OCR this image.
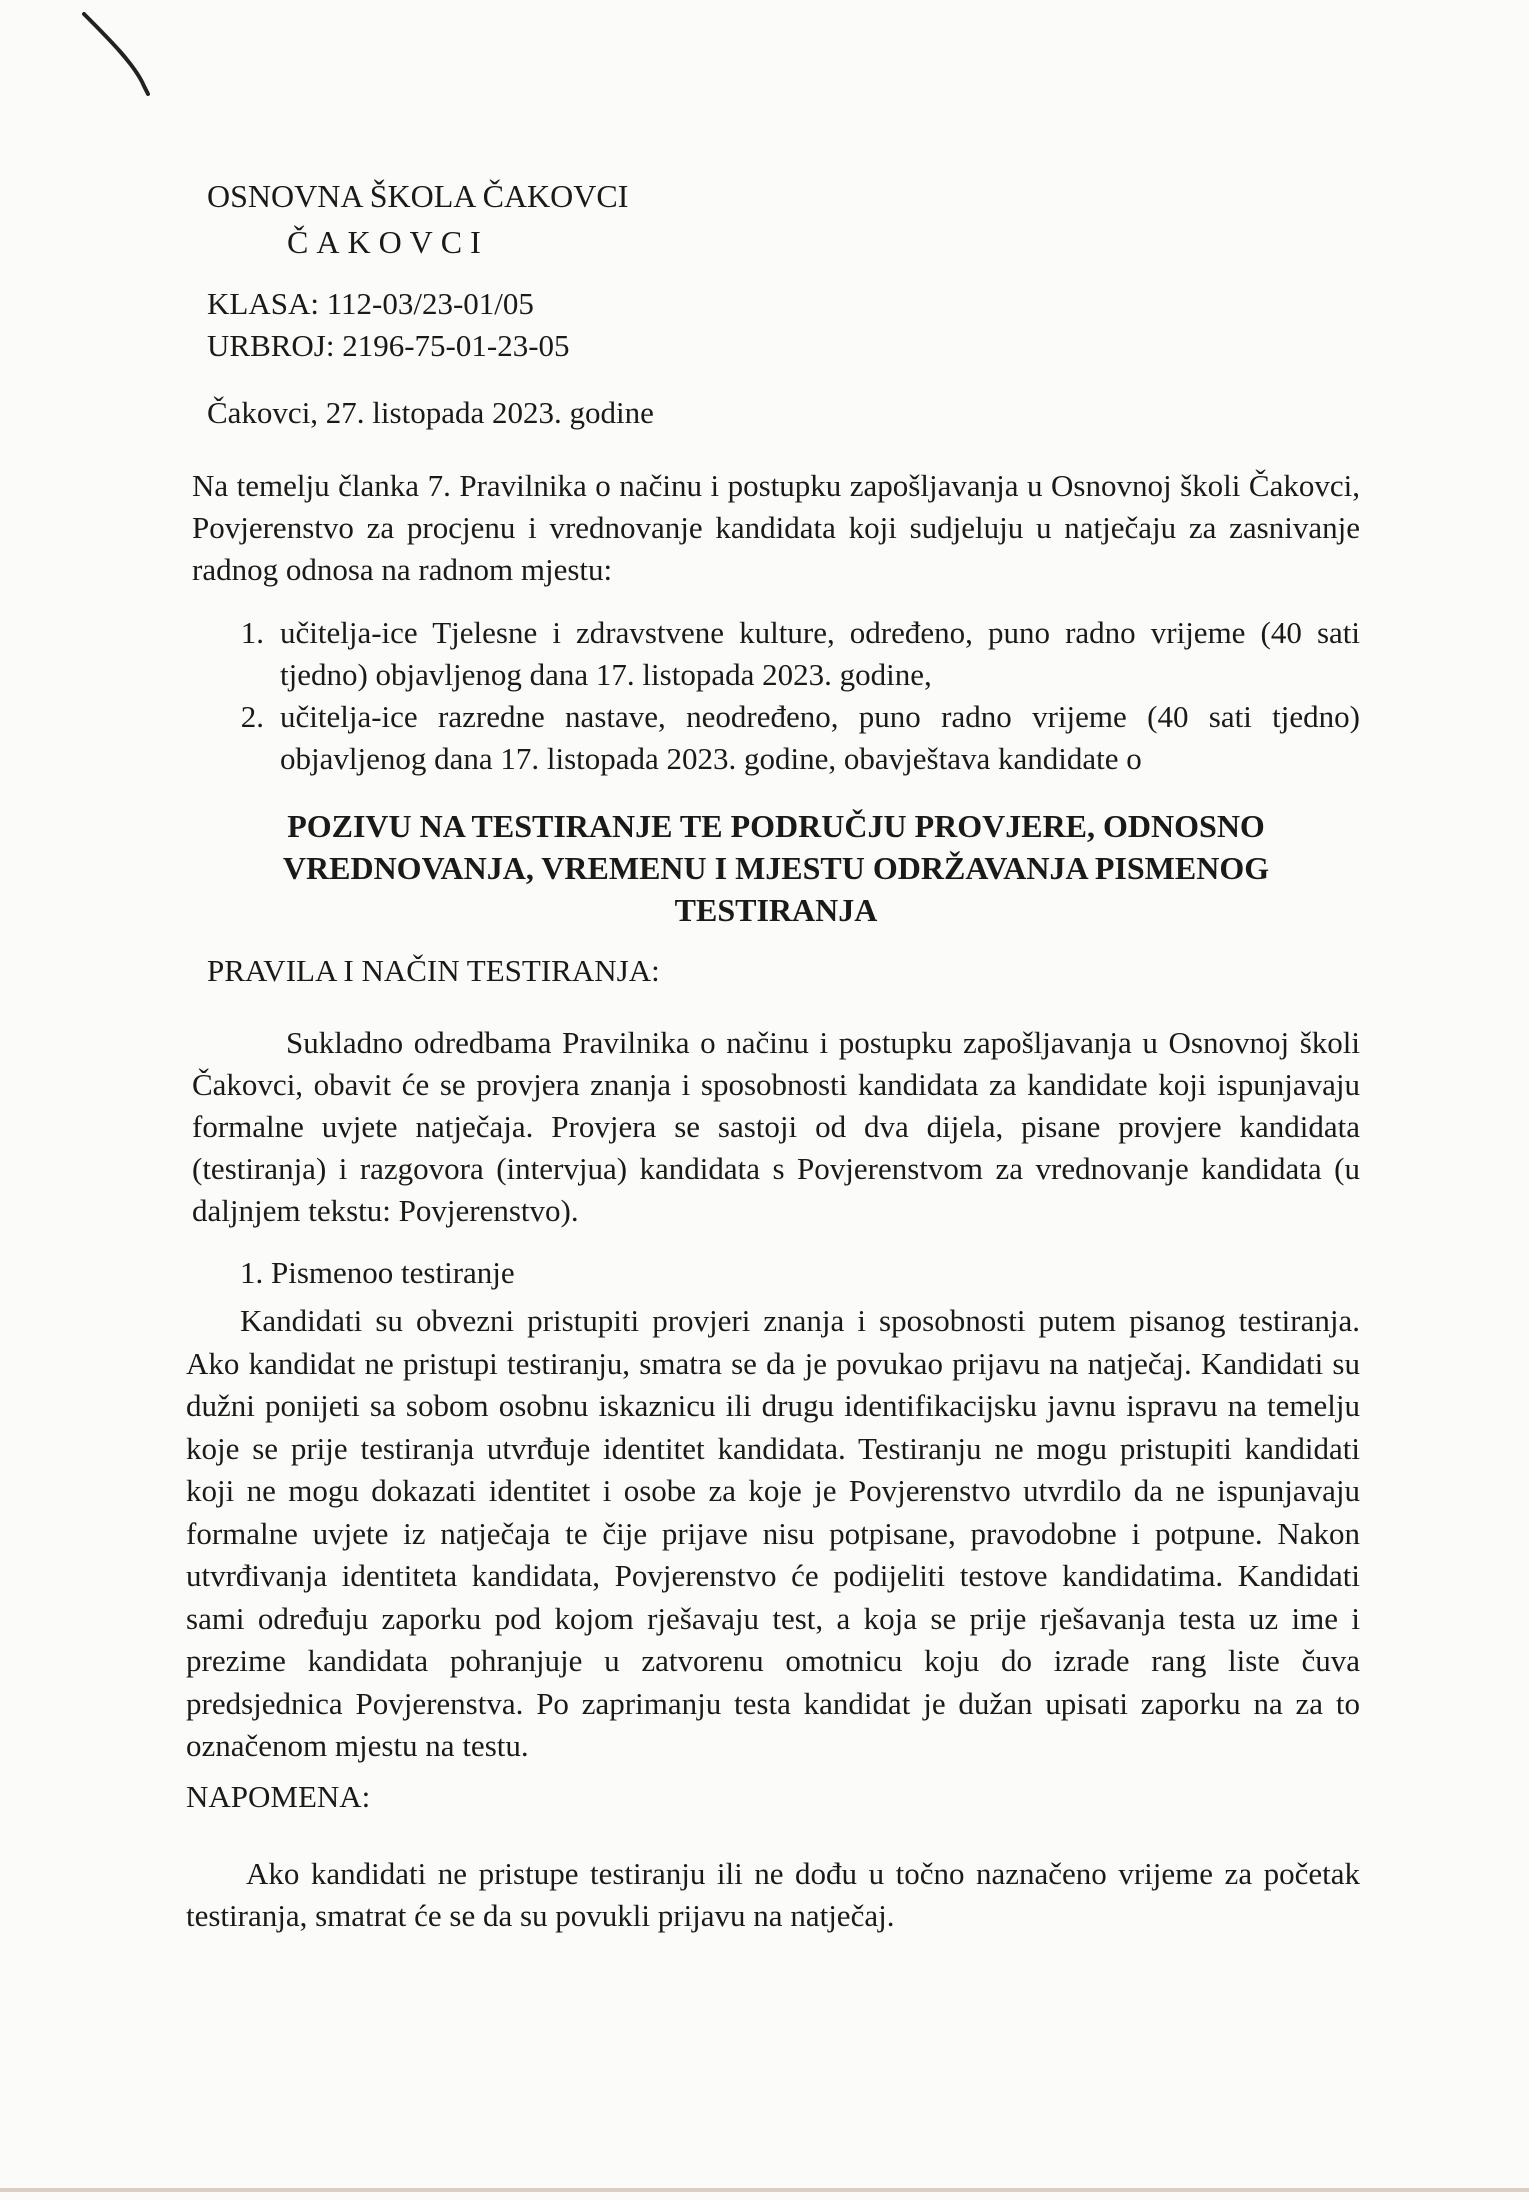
OSNOVNA ŠKOLA ČAKOVCI
ČAKOVCI
KLASA: 112-03/23-01/05
URBROJ: 2196-75-01-23-05
Čakovci, 27. listopada 2023. godine
Na temelju članka 7. Pravilnika o načinu i postupku zapošljavanja u Osnovnoj školi Čakovci, Povjerenstvo za procjenu i vrednovanje kandidata koji sudjeluju u natječaju za zasnivanje radnog odnosa na radnom mjestu:
1. učitelja-ice Tjelesne i zdravstvene kulture, određeno, puno radno vrijeme (40 sati tjedno) objavljenog dana 17. listopada 2023. godine,
2. učitelja-ice razredne nastave, neodređeno, puno radno vrijeme (40 sati tjedno) objavljenog dana 17. listopada 2023. godine, obavještava kandidate o
POZIVU NA TESTIRANJE TE PODRUČJU PROVJERE, ODNOSNO VREDNOVANJA, VREMENU I MJESTU ODRŽAVANJA PISMENOG TESTIRANJA
PRAVILA I NAČIN TESTIRANJA:
Sukladno odredbama Pravilnika o načinu i postupku zapošljavanja u Osnovnoj školi Čakovci, obavit će se provjera znanja i sposobnosti kandidata za kandidate koji ispunjavaju formalne uvjete natječaja. Provjera se sastoji od dva dijela, pisane provjere kandidata (testiranja) i razgovora (intervjua) kandidata s Povjerenstvom za vrednovanje kandidata (u daljnjem tekstu: Povjerenstvo).
1. Pismenoo testiranje
Kandidati su obvezni pristupiti provjeri znanja i sposobnosti putem pisanog testiranja. Ako kandidat ne pristupi testiranju, smatra se da je povukao prijavu na natječaj. Kandidati su dužni ponijeti sa sobom osobnu iskaznicu ili drugu identifikacijsku javnu ispravu na temelju koje se prije testiranja utvrđuje identitet kandidata. Testiranju ne mogu pristupiti kandidati koji ne mogu dokazati identitet i osobe za koje je Povjerenstvo utvrdilo da ne ispunjavaju formalne uvjete iz natječaja te čije prijave nisu potpisane, pravodobne i potpune. Nakon utvrđivanja identiteta kandidata, Povjerenstvo će podijeliti testove kandidatima. Kandidati sami određuju zaporku pod kojom rješavaju test, a koja se prije rješavanja testa uz ime i prezime kandidata pohranjuje u zatvorenu omotnicu koju do izrade rang liste čuva predsjednica Povjerenstva. Po zaprimanju testa kandidat je dužan upisati zaporku na za to označenom mjestu na testu.
NAPOMENA:
Ako kandidati ne pristupe testiranju ili ne dođu u točno naznačeno vrijeme za početak testiranja, smatrat će se da su povukli prijavu na natječaj.
